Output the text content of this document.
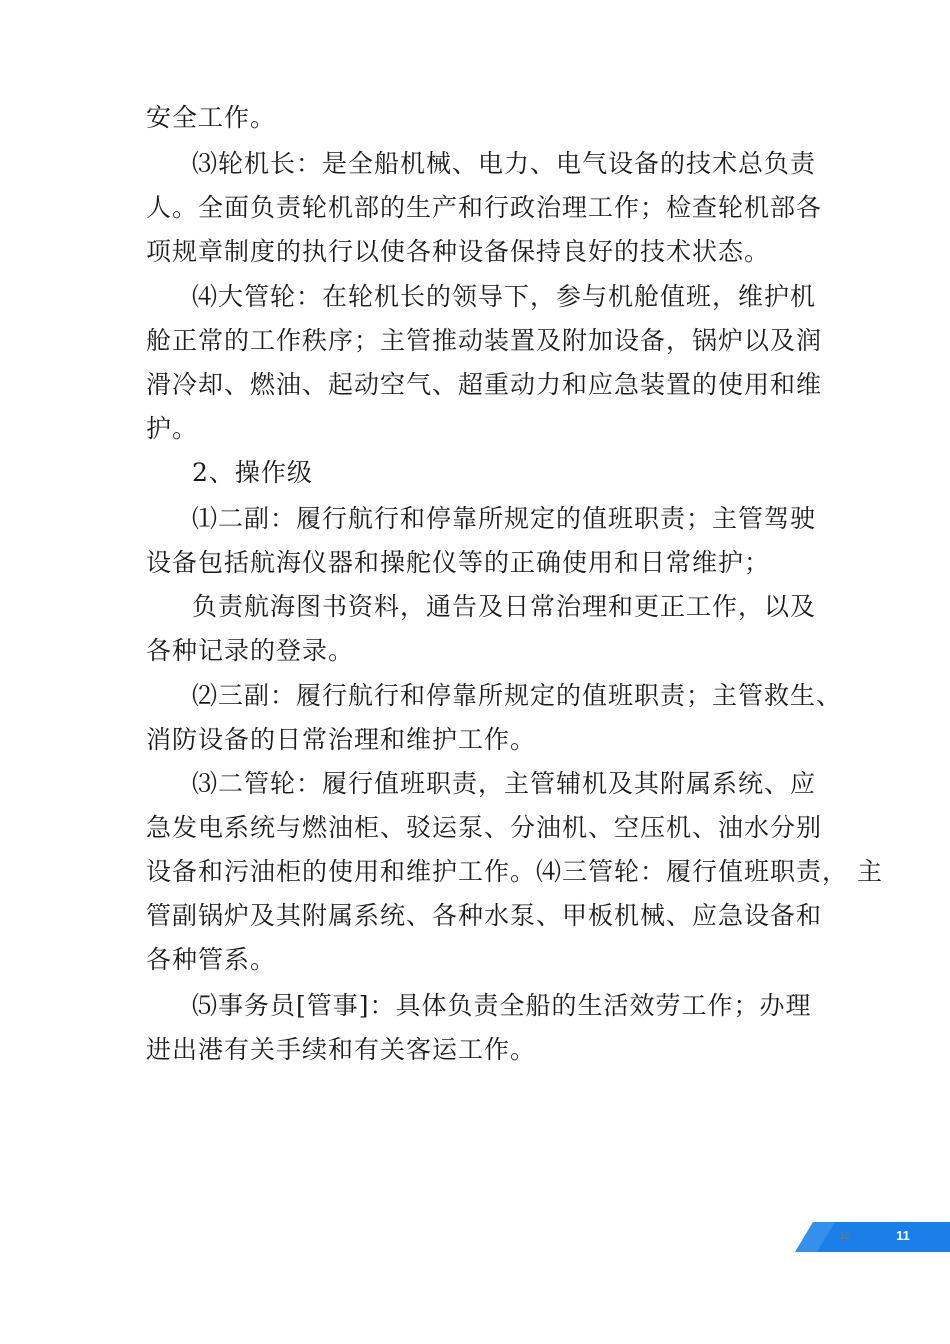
安全工作。
⑶轮机长：是全船机械、电力、电气设备的技术总负责
人。全面负责轮机部的生产和行政治理工作；检查轮机部各
项规章制度的执行以使各种设备保持良好的技术状态。
⑷大管轮：在轮机长的领导下，参与机舱值班，维护机
舱正常的工作秩序；主管推动装置及附加设备，锅炉以及润
滑冷却、燃油、起动空气、超重动力和应急装置的使用和维
护。
2、操作级
⑴二副：履行航行和停靠所规定的值班职责；主管驾驶
设备包括航海仪器和操舵仪等的正确使用和日常维护；
负责航海图书资料，通告及日常治理和更正工作，以及
各种记录的登录。
⑵三副：履行航行和停靠所规定的值班职责；主管救生、
消防设备的日常治理和维护工作。
⑶二管轮：履行值班职责，主管辅机及其附属系统、应
急发电系统与燃油柜、驳运泵、分油机、空压机、油水分别
设备和污油柜的使用和维护工作。⑷三管轮：履行值班职责， 主
管副锅炉及其附属系统、各种水泵、甲板机械、应急设备和
各种管系。
⑸事务员[管事]：具体负责全船的生活效劳工作；办理
进出港有关手续和有关客运工作。
10	11
